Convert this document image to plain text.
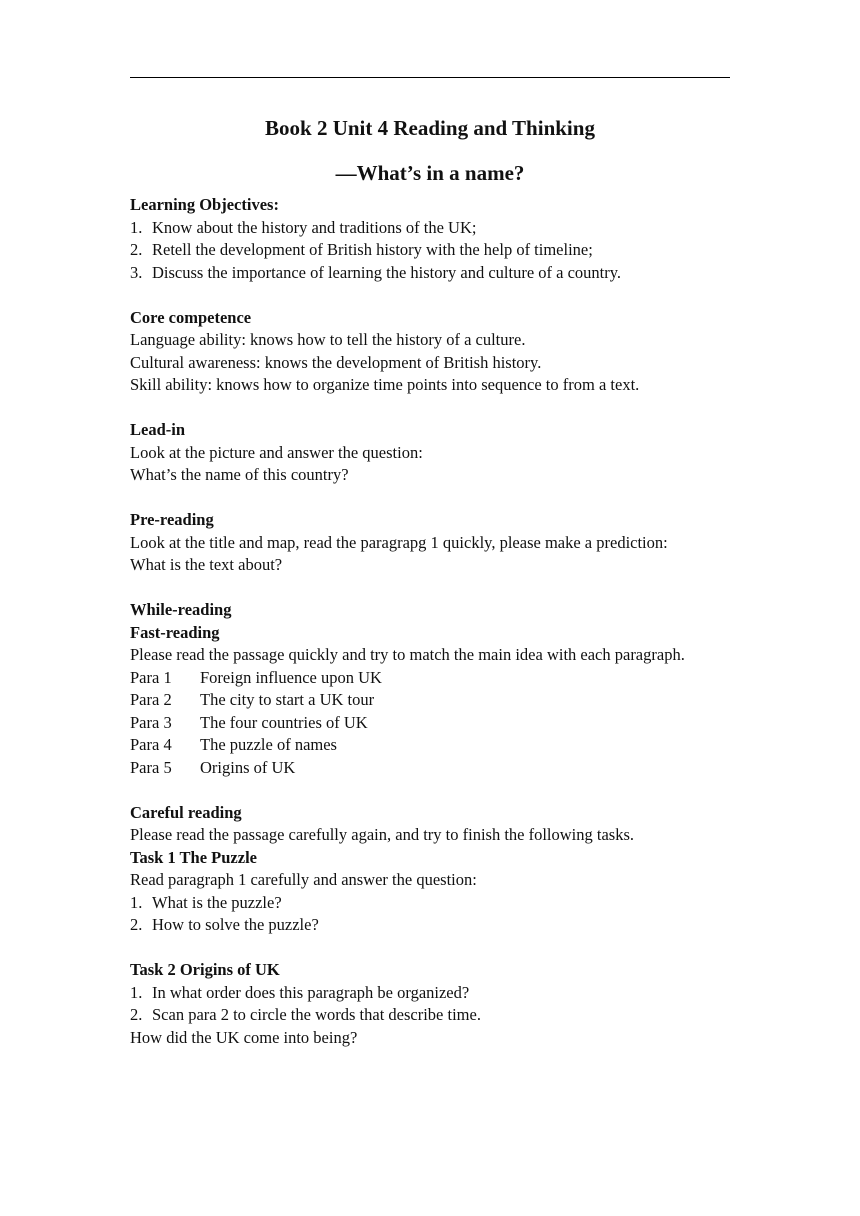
Book 2 Unit 4 Reading and Thinking
—What’s in a name?
Learning Objectives:
1. Know about the history and traditions of the UK;
2. Retell the development of British history with the help of timeline;
3. Discuss the importance of learning the history and culture of a country.
Core competence
Language ability: knows how to tell the history of a culture.
Cultural awareness: knows the development of British history.
Skill ability: knows how to organize time points into sequence to from a text.
Lead-in
Look at the picture and answer the question:
What’s the name of this country?
Pre-reading
Look at the title and map, read the paragrapg 1 quickly, please make a prediction:
What is the text about?
While-reading
Fast-reading
Please read the passage quickly and try to match the main idea with each paragraph.
Para 1 Foreign influence upon UK
Para 2 The city to start a UK tour
Para 3 The four countries of UK
Para 4 The puzzle of names
Para 5 Origins of UK
Careful reading
Please read the passage carefully again, and try to finish the following tasks.
Task 1 The Puzzle
Read paragraph 1 carefully and answer the question:
1. What is the puzzle?
2. How to solve the puzzle?
Task 2 Origins of UK
1. In what order does this paragraph be organized?
2. Scan para 2 to circle the words that describe time.
How did the UK come into being?
